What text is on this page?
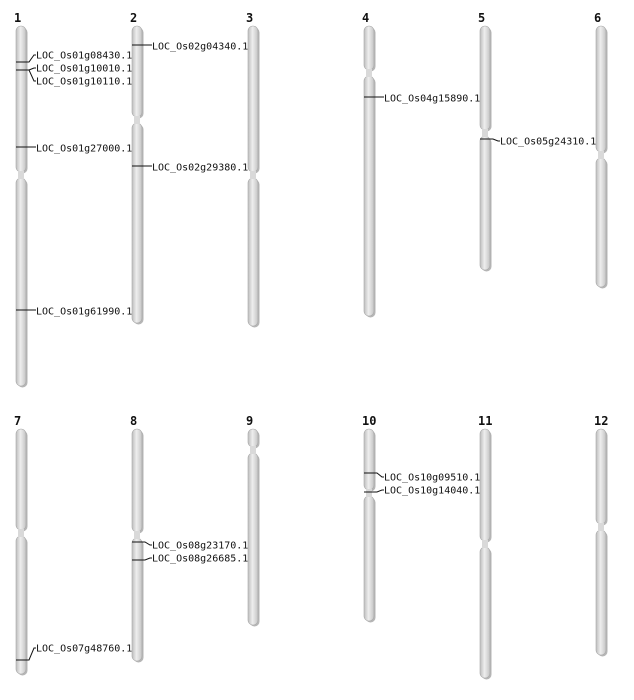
1	2	3	4	5	6
7	8	9	10	11	12
LOC_Os01g08430.1
LOC_Os01g10010.1
LOC_Os01g10110.1
LOC_Os01g27000.1
LOC_Os01g61990.1
LOC_Os02g04340.1
LOC_Os02g29380.1
LOC_Os04g15890.1
LOC_Os05g24310.1
LOC_Os07g48760.1
LOC_Os08g23170.1
LOC_Os08g26685.1
LOC_Os10g09510.1
LOC_Os10g14040.1
